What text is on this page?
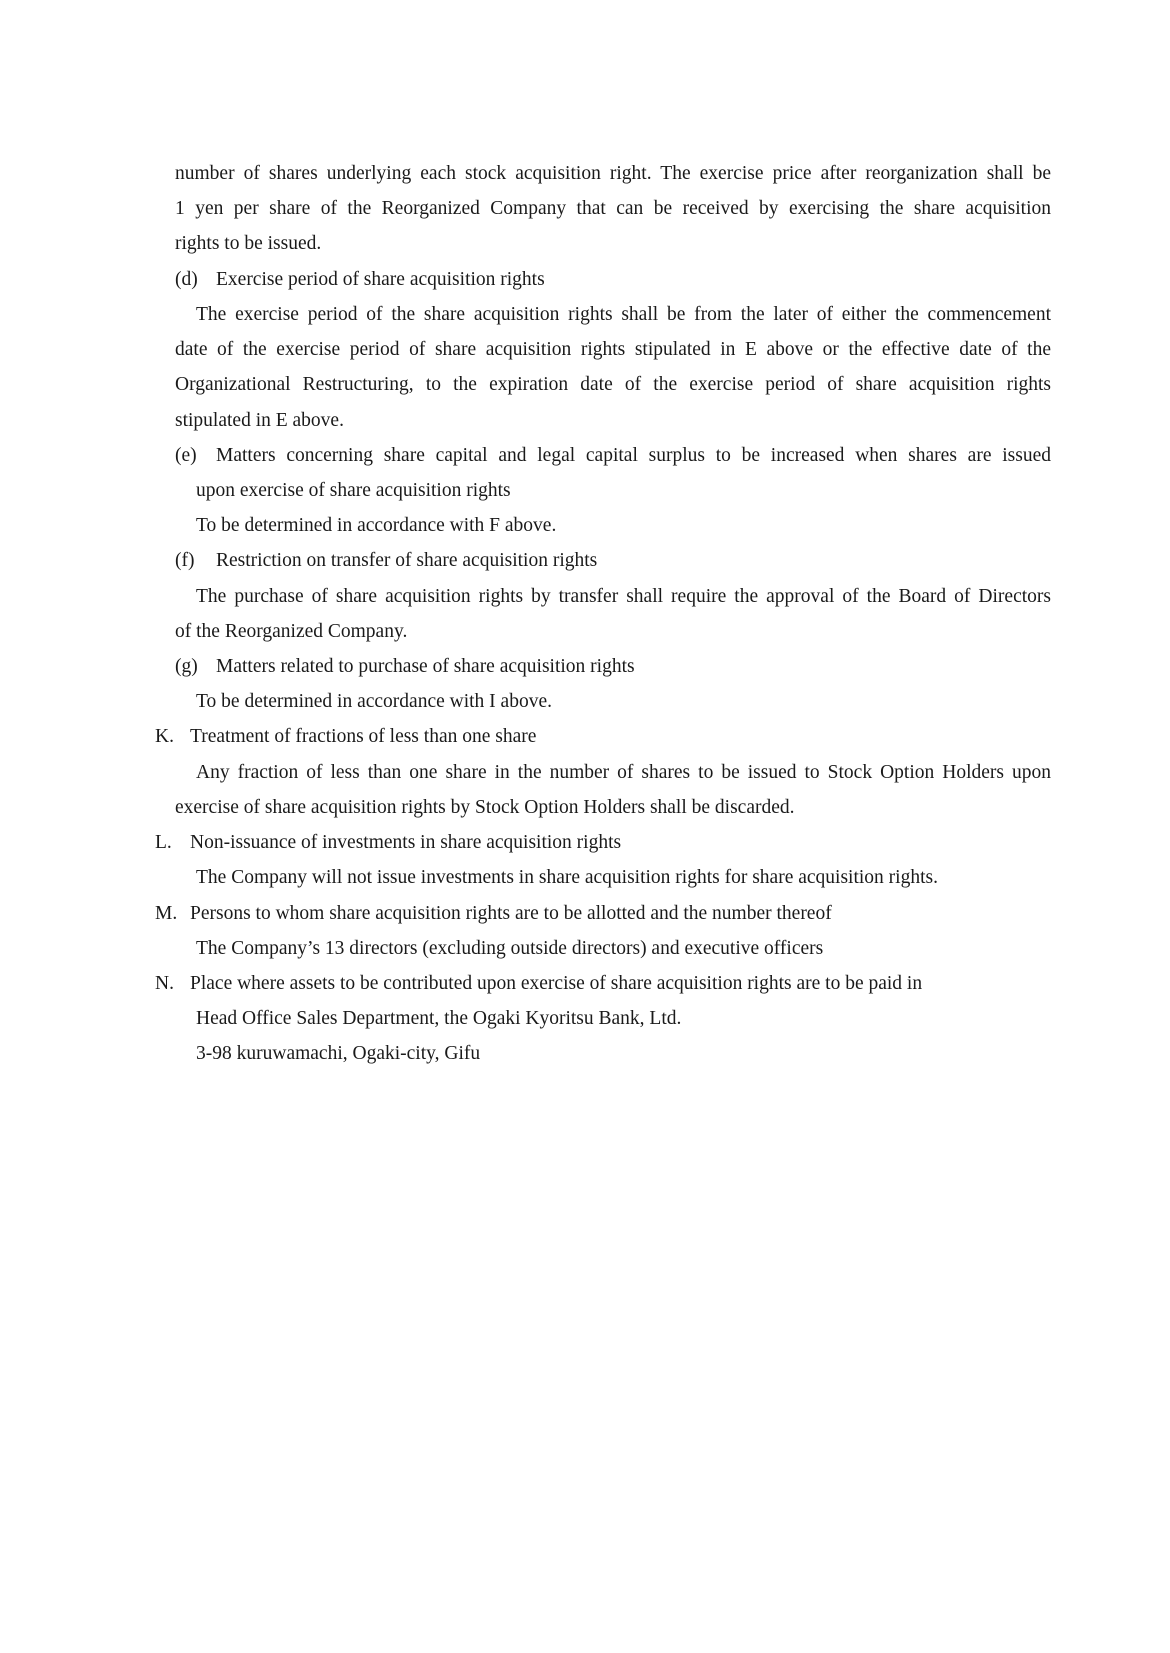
number of shares underlying each stock acquisition right. The exercise price after reorganization shall be
1 yen per share of the Reorganized Company that can be received by exercising the share acquisition
rights to be issued.
(d) Exercise period of share acquisition rights
The exercise period of the share acquisition rights shall be from the later of either the commencement
date of the exercise period of share acquisition rights stipulated in E above or the effective date of the
Organizational Restructuring, to the expiration date of the exercise period of share acquisition rights
stipulated in E above.
(e) Matters concerning share capital and legal capital surplus to be increased when shares are issued
upon exercise of share acquisition rights
To be determined in accordance with F above.
(f) Restriction on transfer of share acquisition rights
The purchase of share acquisition rights by transfer shall require the approval of the Board of Directors
of the Reorganized Company.
(g) Matters related to purchase of share acquisition rights
To be determined in accordance with I above.
K. Treatment of fractions of less than one share
Any fraction of less than one share in the number of shares to be issued to Stock Option Holders upon
exercise of share acquisition rights by Stock Option Holders shall be discarded.
L. Non-issuance of investments in share acquisition rights
The Company will not issue investments in share acquisition rights for share acquisition rights.
M. Persons to whom share acquisition rights are to be allotted and the number thereof
The Company’s 13 directors (excluding outside directors) and executive officers
N. Place where assets to be contributed upon exercise of share acquisition rights are to be paid in
Head Office Sales Department, the Ogaki Kyoritsu Bank, Ltd.
3-98 kuruwamachi, Ogaki-city, Gifu
